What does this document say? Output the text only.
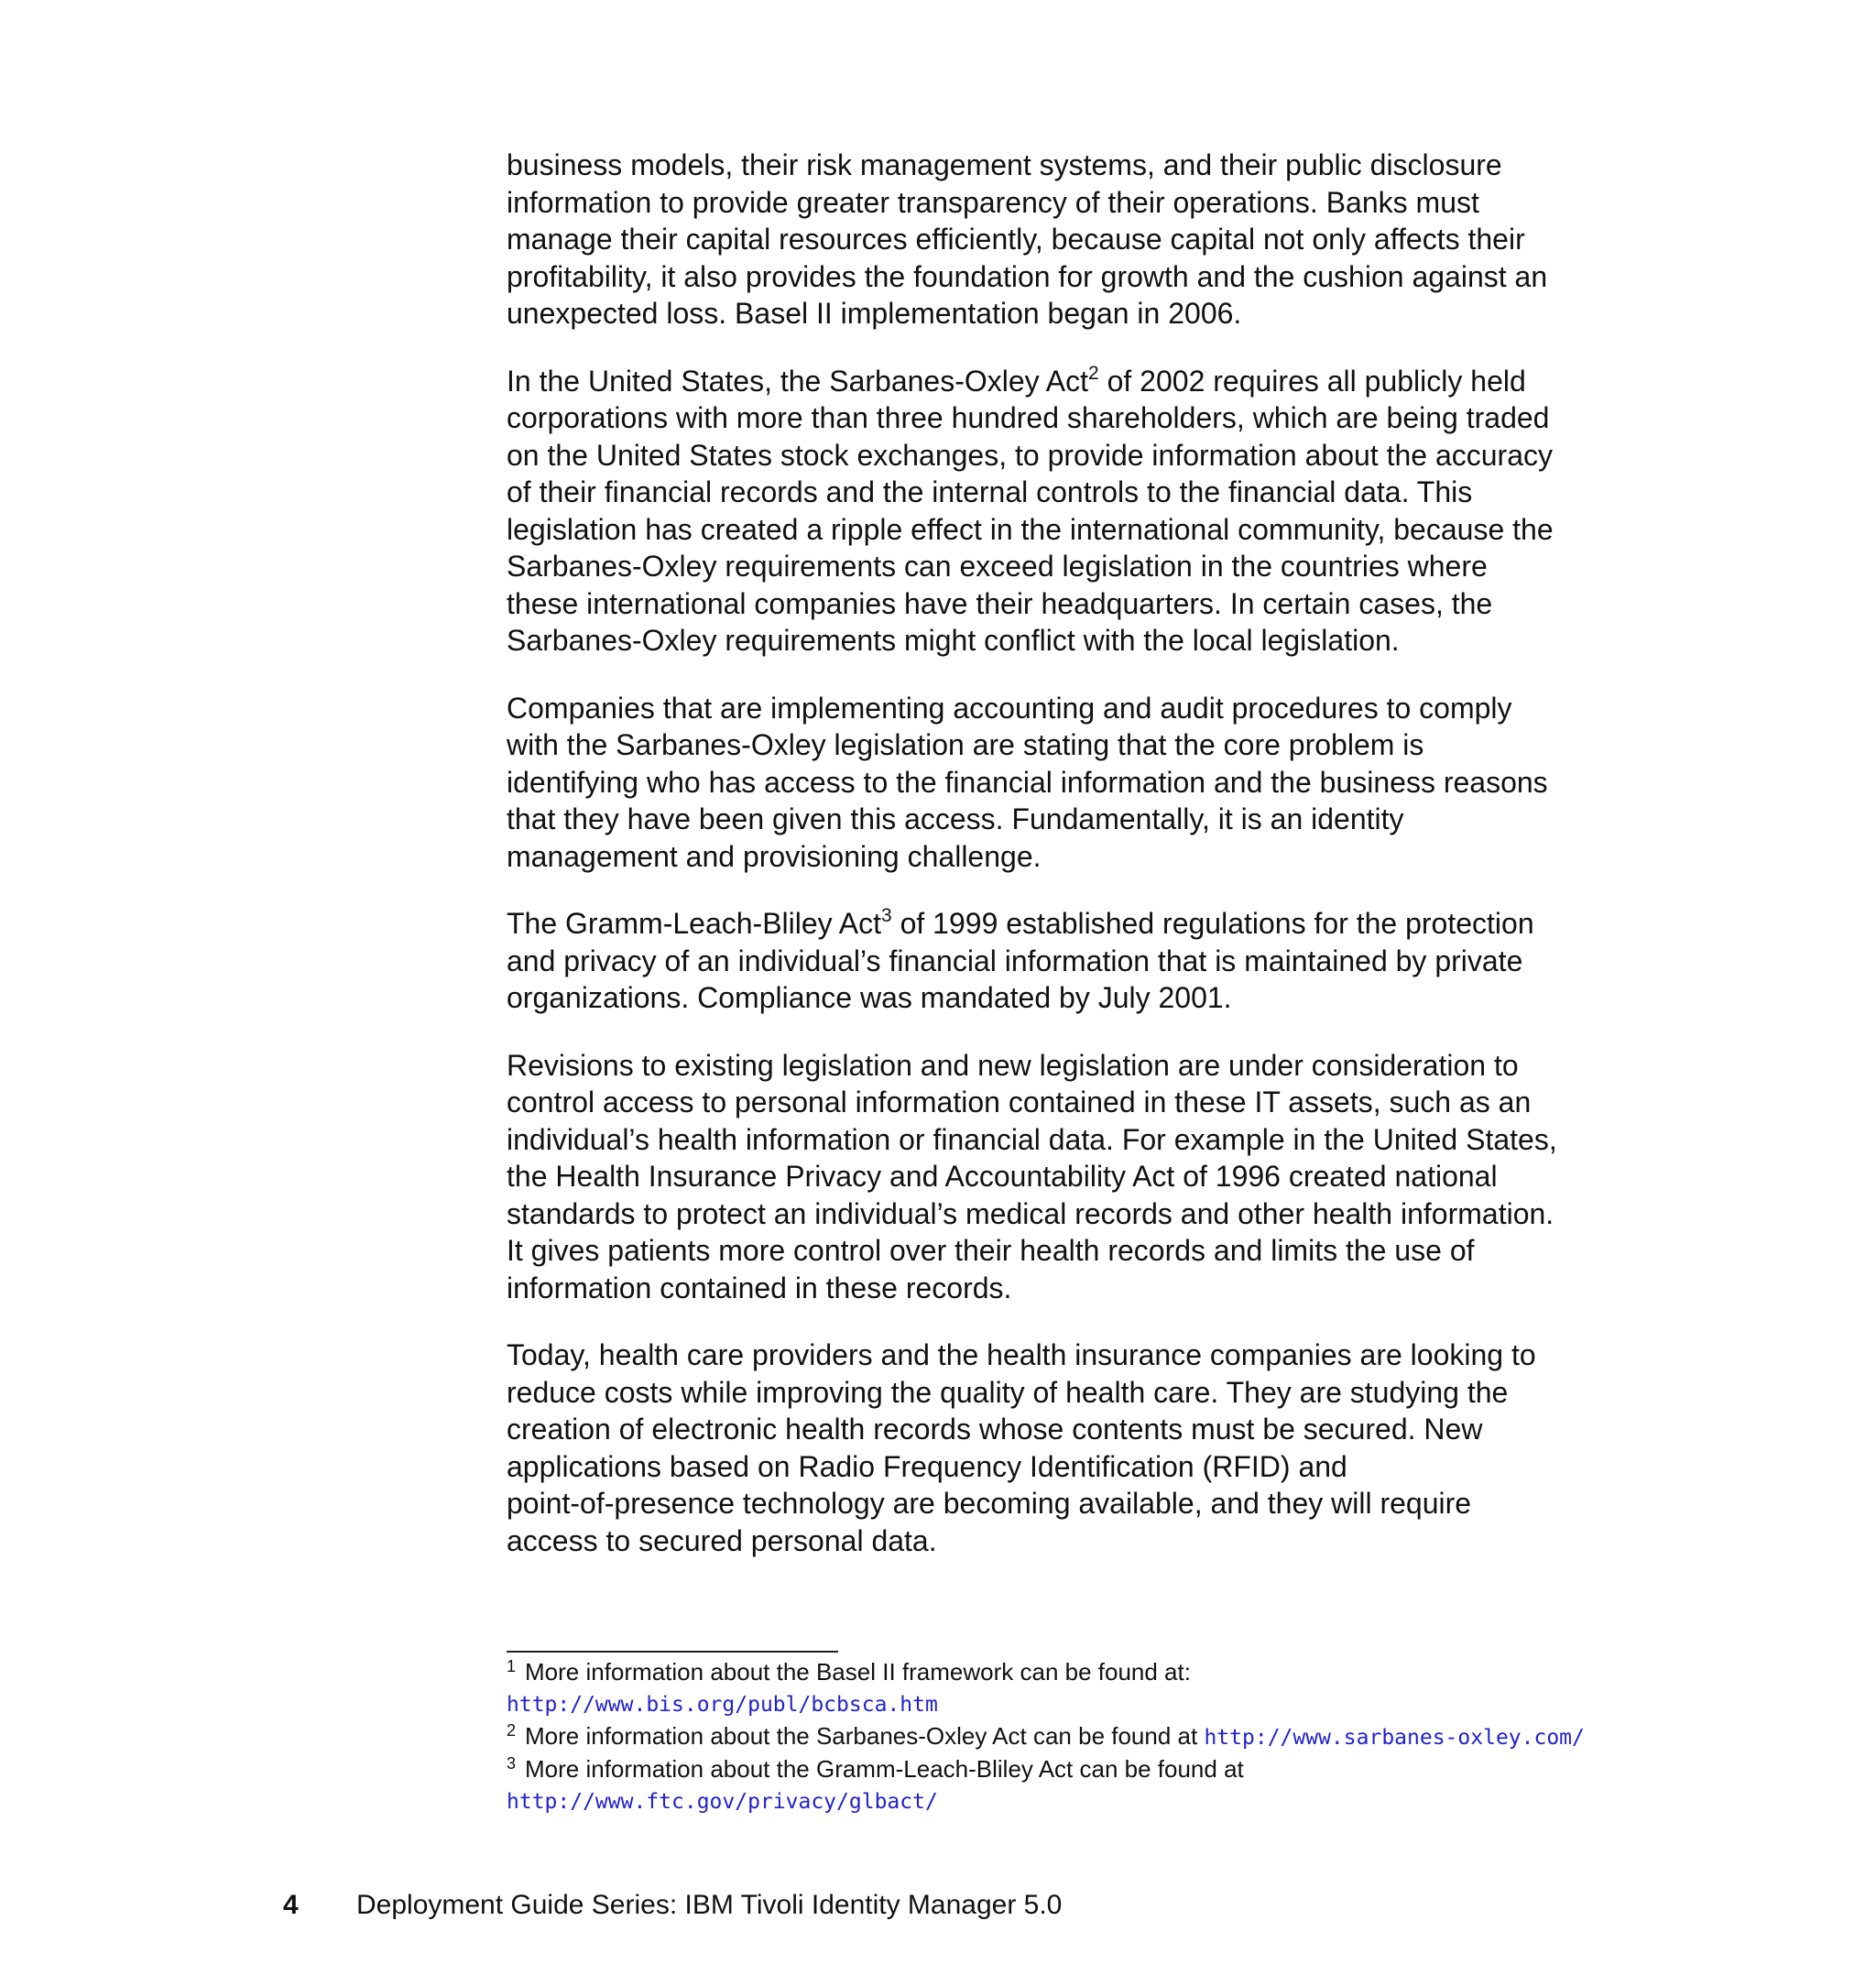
business models, their risk management systems, and their public disclosure
information to provide greater transparency of their operations. Banks must
manage their capital resources efficiently, because capital not only affects their
profitability, it also provides the foundation for growth and the cushion against an
unexpected loss. Basel II implementation began in 2006.

In the United States, the Sarbanes-Oxley Act$^2$ of 2002 requires all publicly held
corporations with more than three hundred shareholders, which are being traded
on the United States stock exchanges, to provide information about the accuracy
of their financial records and the internal controls to the financial data. This
legislation has created a ripple effect in the international community, because the
Sarbanes-Oxley requirements can exceed legislation in the countries where
these international companies have their headquarters. In certain cases, the
Sarbanes-Oxley requirements might conflict with the local legislation.

Companies that are implementing accounting and audit procedures to comply
with the Sarbanes-Oxley legislation are stating that the core problem is
identifying who has access to the financial information and the business reasons
that they have been given this access. Fundamentally, it is an identity
management and provisioning challenge.

The Gramm-Leach-Bliley Act$^3$ of 1999 established regulations for the protection
and privacy of an individual’s financial information that is maintained by private
organizations. Compliance was mandated by July 2001.

Revisions to existing legislation and new legislation are under consideration to
control access to personal information contained in these IT assets, such as an
individual’s health information or financial data. For example in the United States,
the Health Insurance Privacy and Accountability Act of 1996 created national
standards to protect an individual’s medical records and other health information.
It gives patients more control over their health records and limits the use of
information contained in these records.

Today, health care providers and the health insurance companies are looking to
reduce costs while improving the quality of health care. They are studying the
creation of electronic health records whose contents must be secured. New
applications based on Radio Frequency Identification (RFID) and
point-of-presence technology are becoming available, and they will require
access to secured personal data.

$^1$ More information about the Basel II framework can be found at:
http://www.bis.org/publ/bcbsca.htm
$^2$ More information about the Sarbanes-Oxley Act can be found at http://www.sarbanes-oxley.com/
$^3$ More information about the Gramm-Leach-Bliley Act can be found at
http://www.ftc.gov/privacy/glbact/
4 Deployment Guide Series: IBM Tivoli Identity Manager 5.0
